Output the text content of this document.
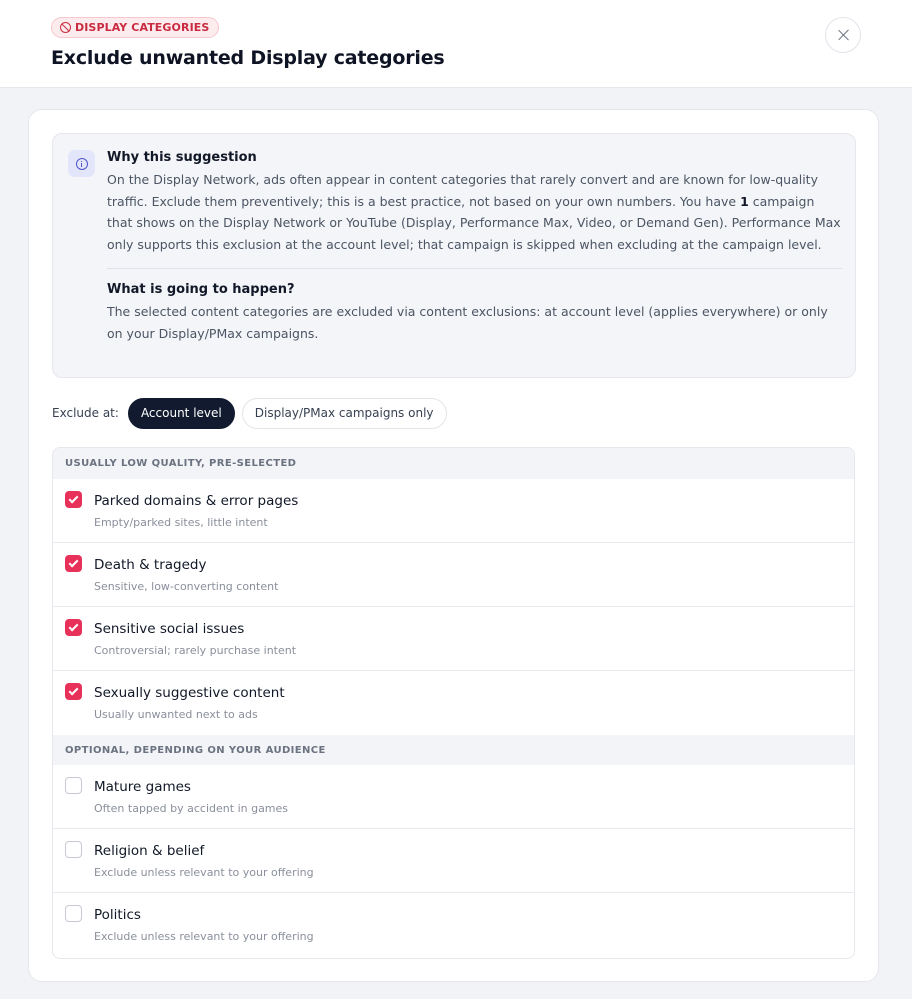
DISPLAY CATEGORIES
Exclude unwanted Display categories
Why this suggestion
On the Display Network, ads often appear in content categories that rarely convert and are known for low-quality traffic. Exclude them preventively; this is a best practice, not based on your own numbers. You have 1 campaign that shows on the Display Network or YouTube (Display, Performance Max, Video, or Demand Gen). Performance Max only supports this exclusion at the account level; that campaign is skipped when excluding at the campaign level.
What is going to happen?
The selected content categories are excluded via content exclusions: at account level (applies everywhere) or only on your Display/PMax campaigns.
Exclude at:	Account level	Display/PMax campaigns only
USUALLY LOW QUALITY, PRE-SELECTED
Parked domains & error pages
Empty/parked sites, little intent
Death & tragedy
Sensitive, low-converting content
Sensitive social issues
Controversial; rarely purchase intent
Sexually suggestive content
Usually unwanted next to ads
OPTIONAL, DEPENDING ON YOUR AUDIENCE
Mature games
Often tapped by accident in games
Religion & belief
Exclude unless relevant to your offering
Politics
Exclude unless relevant to your offering
